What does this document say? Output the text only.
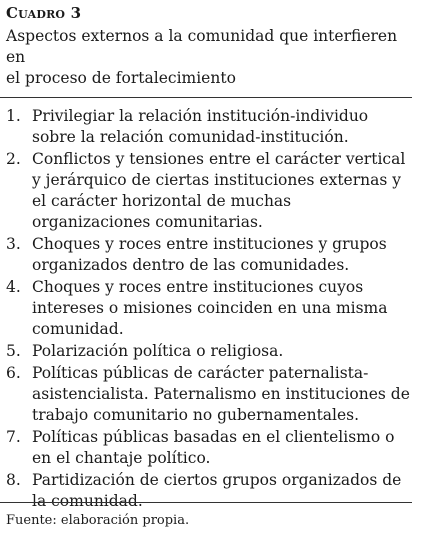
Cuadro 3
Aspectos externos a la comunidad que interfieren en
el proceso de fortalecimiento
1. Privilegiar la relación institución-individuo sobre la relación comunidad-institución.
2. Conflictos y tensiones entre el carácter vertical y jerárquico de ciertas instituciones externas y el carácter horizontal de muchas organizaciones comunitarias.
3. Choques y roces entre instituciones y grupos organizados dentro de las comunidades.
4. Choques y roces entre instituciones cuyos intereses o misiones coinciden en una misma comunidad.
5. Polarización política o religiosa.
6. Políticas públicas de carácter paternalista-asistencialista. Paternalismo en instituciones de trabajo comunitario no gubernamentales.
7. Políticas públicas basadas en el clientelismo o en el chantaje político.
8. Partidización de ciertos grupos organizados de la comunidad.
Fuente: elaboración propia.
